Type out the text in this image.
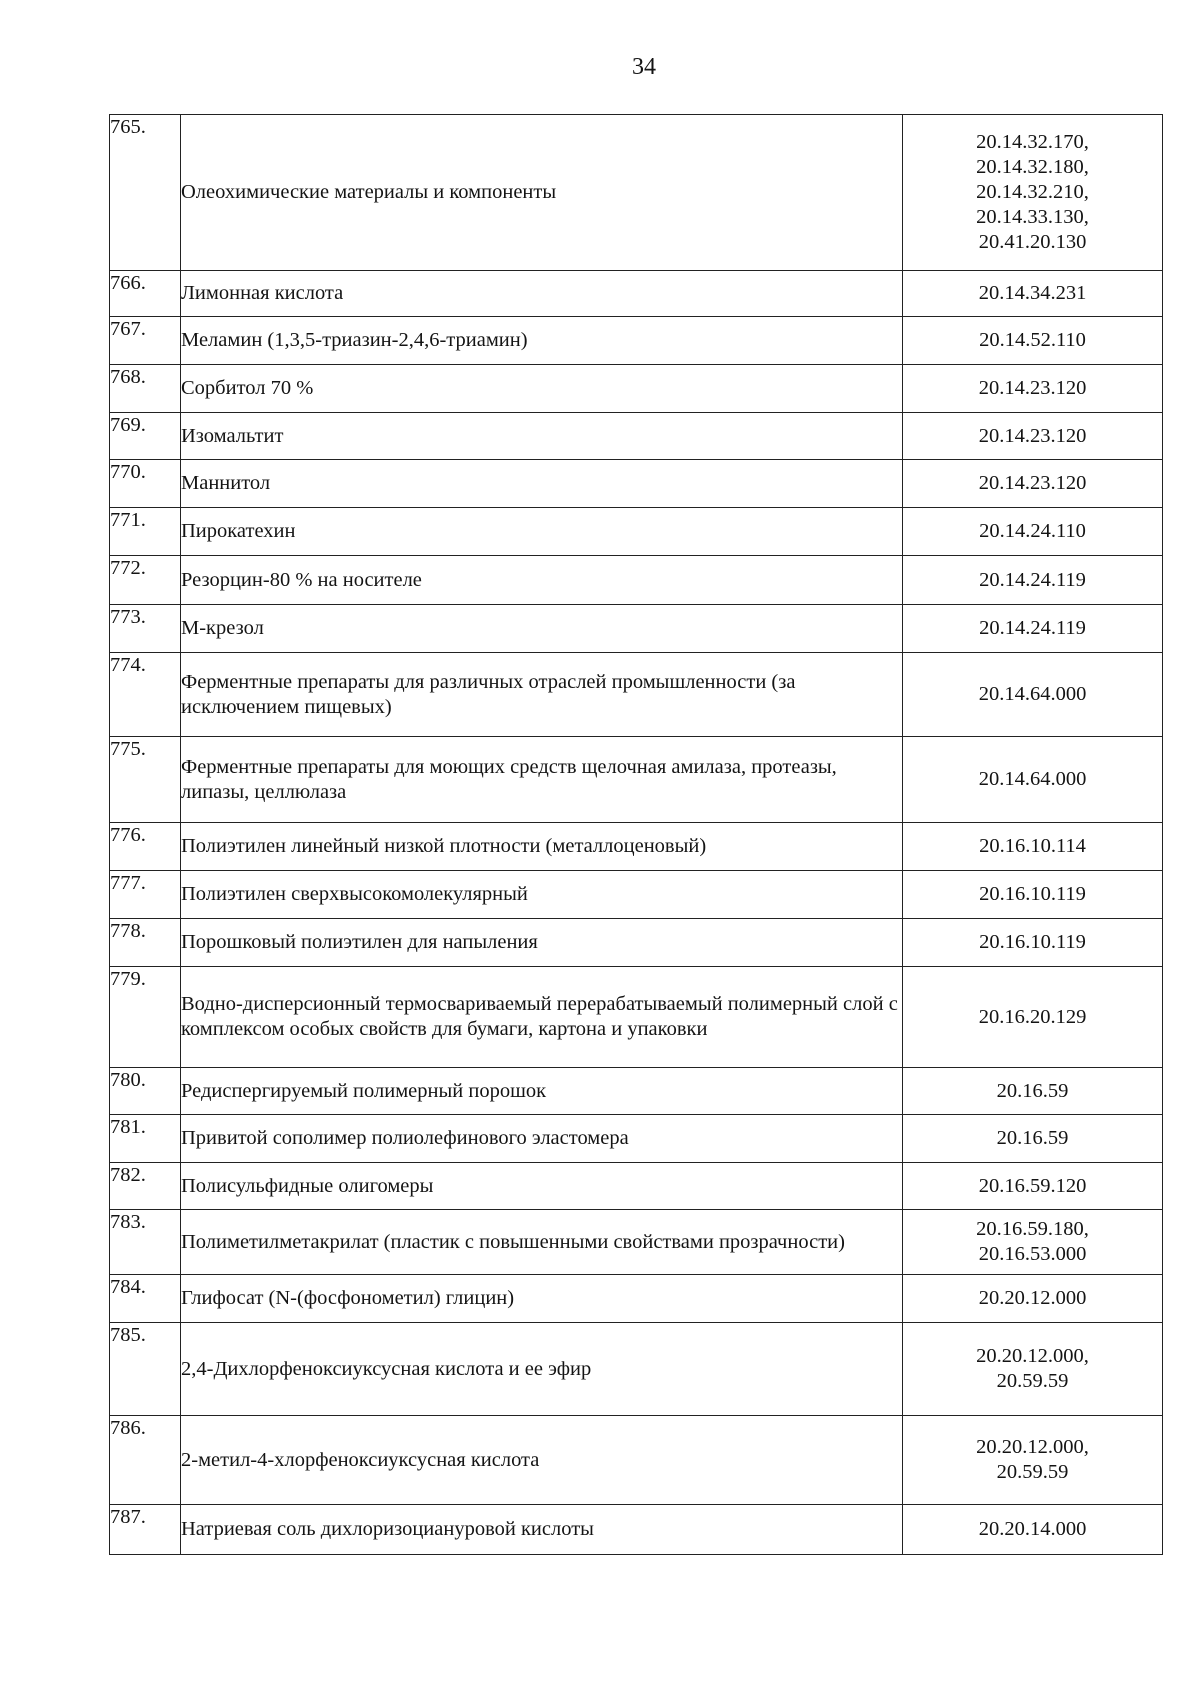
34
765.	Олеохимические материалы и компоненты	20.14.32.170,
20.14.32.180,
20.14.32.210,
20.14.33.130,
20.41.20.130

766.	Лимонная кислота	20.14.34.231

767.	Меламин (1,3,5-триазин-2,4,6-триамин)	20.14.52.110

768.	Сорбитол 70 %	20.14.23.120

769.	Изомальтит	20.14.23.120

770.	Маннитол	20.14.23.120

771.	Пирокатехин	20.14.24.110

772.	Резорцин-80 % на носителе	20.14.24.119

773.	М-крезол	20.14.24.119

774.	Ферментные препараты для различных отраслей промышленности (за исключением пищевых)	20.14.64.000

775.	Ферментные препараты для моющих средств щелочная амилаза, протеазы, липазы, целлюлаза	20.14.64.000

776.	Полиэтилен линейный низкой плотности (металлоценовый)	20.16.10.114

777.	Полиэтилен сверхвысокомолекулярный	20.16.10.119

778.	Порошковый полиэтилен для напыления	20.16.10.119

779.	Водно-дисперсионный термосвариваемый перерабатываемый полимерный слой с комплексом особых свойств для бумаги, картона и упаковки	20.16.20.129

780.	Редиспергируемый полимерный порошок	20.16.59

781.	Привитой сополимер полиолефинового эластомера	20.16.59

782.	Полисульфидные олигомеры	20.16.59.120

783.	Полиметилметакрилат (пластик с повышенными свойствами прозрачности)	20.16.59.180,
20.16.53.000

784.	Глифосат (N-(фосфонометил) глицин)	20.20.12.000

785.	2,4-Дихлорфеноксиуксусная кислота и ее эфир	20.20.12.000,
20.59.59

786.	2-метил-4-хлорфеноксиуксусная кислота	20.20.12.000,
20.59.59

787.	Натриевая соль дихлоризоциануровой кислоты	20.20.14.000
